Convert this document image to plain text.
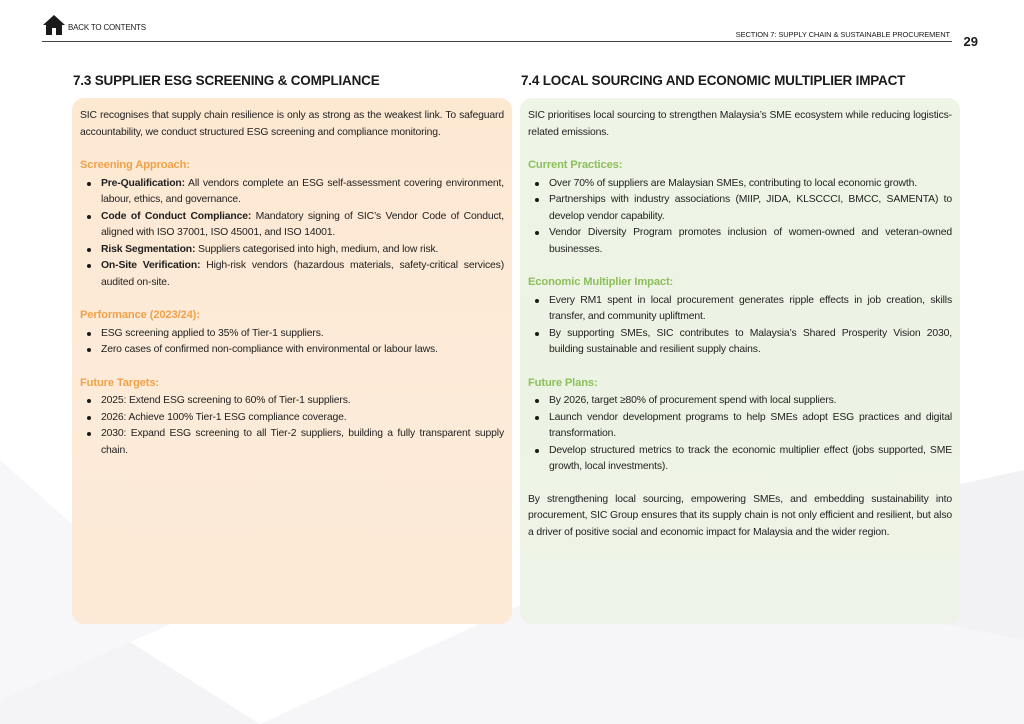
BACK TO CONTENTS
SECTION 7: SUPPLY CHAIN & SUSTAINABLE PROCUREMENT 29
7.3 SUPPLIER ESG SCREENING & COMPLIANCE	7.4 LOCAL SOURCING AND ECONOMIC MULTIPLIER IMPACT

SIC recognises that supply chain resilience is only as strong as the weakest link. To safeguard accountability, we conduct structured ESG screening and compliance monitoring.

Screening Approach:
Pre-Qualification: All vendors complete an ESG self-assessment covering environment, labour, ethics, and governance.
Code of Conduct Compliance: Mandatory signing of SIC’s Vendor Code of Conduct, aligned with ISO 37001, ISO 45001, and ISO 14001.
Risk Segmentation: Suppliers categorised into high, medium, and low risk.
On-Site Verification: High-risk vendors (hazardous materials, safety-critical services) audited on-site.
Performance (2023/24):
ESG screening applied to 35% of Tier-1 suppliers.
Zero cases of confirmed non-compliance with environmental or labour laws.
Future Targets:
2025: Extend ESG screening to 60% of Tier-1 suppliers.
2026: Achieve 100% Tier-1 ESG compliance coverage.
2030: Expand ESG screening to all Tier-2 suppliers, building a fully transparent supply chain.

SIC prioritises local sourcing to strengthen Malaysia’s SME ecosystem while reducing logistics-related emissions.

Current Practices:
Over 70% of suppliers are Malaysian SMEs, contributing to local economic growth.
Partnerships with industry associations (MIIP, JIDA, KLSCCCI, BMCC, SAMENTA) to develop vendor capability.
Vendor Diversity Program promotes inclusion of women-owned and veteran-owned businesses.
Economic Multiplier Impact:
Every RM1 spent in local procurement generates ripple effects in job creation, skills transfer, and community upliftment.
By supporting SMEs, SIC contributes to Malaysia’s Shared Prosperity Vision 2030, building sustainable and resilient supply chains.
Future Plans:
By 2026, target ≥80% of procurement spend with local suppliers.
Launch vendor development programs to help SMEs adopt ESG practices and digital transformation.
Develop structured metrics to track the economic multiplier effect (jobs supported, SME growth, local investments).

By strengthening local sourcing, empowering SMEs, and embedding sustainability into procurement, SIC Group ensures that its supply chain is not only efficient and resilient, but also a driver of positive social and economic impact for Malaysia and the wider region.
